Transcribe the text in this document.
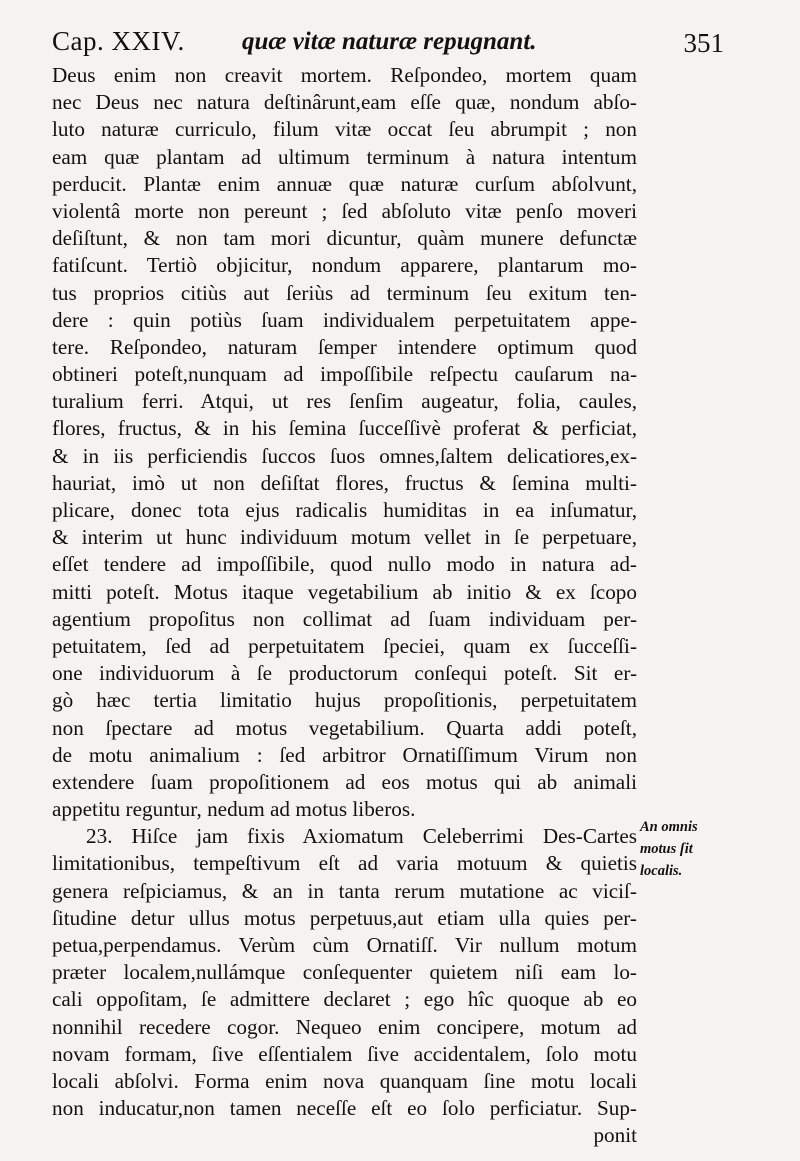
Cap. XXIV. quæ vitæ naturæ repugnant.	351
Deus enim non creavit mortem. Reſpondeo, mortem quam
nec Deus nec natura deſtinârunt,eam eſſe quæ, nondum abſo-
luto naturæ curriculo, filum vitæ occat ſeu abrumpit ; non
eam quæ plantam ad ultimum terminum à natura intentum
perducit. Plantæ enim annuæ quæ naturæ curſum abſolvunt,
violentâ morte non pereunt ; ſed abſoluto vitæ penſo moveri
deſiſtunt, & non tam mori dicuntur, quàm munere defunctæ
fatiſcunt. Tertiò objicitur, nondum apparere, plantarum mo-
tus proprios citiùs aut ſeriùs ad terminum ſeu exitum ten-
dere : quin potiùs ſuam individualem perpetuitatem appe-
tere. Reſpondeo, naturam ſemper intendere optimum quod
obtineri poteſt,nunquam ad impoſſibile reſpectu cauſarum na-
turalium ferri. Atqui, ut res ſenſim augeatur, folia, caules,
flores, fructus, & in his ſemina ſucceſſivè proferat & perficiat,
& in iis perficiendis ſuccos ſuos omnes,ſaltem delicatiores,ex-
hauriat, imò ut non deſiſtat flores, fructus & ſemina multi-
plicare, donec tota ejus radicalis humiditas in ea inſumatur,
& interim ut hunc individuum motum vellet in ſe perpetuare,
eſſet tendere ad impoſſibile, quod nullo modo in natura ad-
mitti poteſt. Motus itaque vegetabilium ab initio & ex ſcopo
agentium propoſitus non collimat ad ſuam individuam per-
petuitatem, ſed ad perpetuitatem ſpeciei, quam ex ſucceſſi-
one individuorum à ſe productorum conſequi poteſt. Sit er-
gò hæc tertia limitatio hujus propoſitionis, perpetuitatem
non ſpectare ad motus vegetabilium. Quarta addi poteſt,
de motu animalium : ſed arbitror Ornatiſſimum Virum non
extendere ſuam propoſitionem ad eos motus qui ab animali
appetitu reguntur, nedum ad motus liberos.
23. Hiſce jam fixis Axiomatum Celeberrimi Des-Cartes
limitationibus, tempeſtivum eſt ad varia motuum & quietis
genera reſpiciamus, & an in tanta rerum mutatione ac viciſ-
ſitudine detur ullus motus perpetuus,aut etiam ulla quies per-
petua,perpendamus. Verùm cùm Ornatiſſ. Vir nullum motum
præter localem,nullámque conſequenter quietem niſi eam lo-
cali oppoſitam, ſe admittere declaret ; ego hîc quoque ab eo
nonnihil recedere cogor. Nequeo enim concipere, motum ad
novam formam, ſive eſſentialem ſive accidentalem, ſolo motu
locali abſolvi. Forma enim nova quanquam ſine motu locali
non inducatur,non tamen neceſſe eſt eo ſolo perficiatur. Sup-
ponit
An omnis
motus ſit
localis.
